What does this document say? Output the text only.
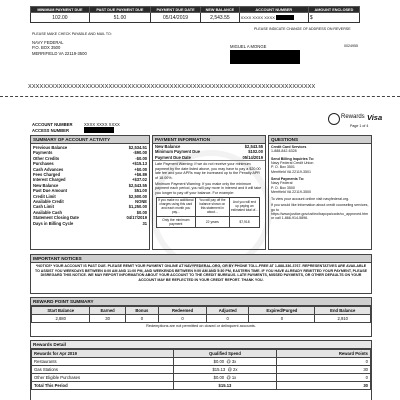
MINIMUM PAYMENT DUE	PAST DUE PAYMENT DUE	PAYMENT DUE DATE	NEW BALANCE	ACCOUNT NUMBER	AMOUNT ENCLOSED
102.00	51.00	05/14/2019	2,543.55	XXXX XXXX XXXX	$
PLEASE INDICATE CHANGE OF ADDRESS ON REVERSE
PLEASE MAKE CHECK PAYABLE AND MAIL TO:
NAVY FEDERAL
P.O. BOX 3500
MERRIFIELD VA 22119-3500
MIGUEL A MONGE	0024955
XXXXXXXXXXXXXXXXXXXXXXXXXXXXXXXXXXXXXXXXXXXXXXXXXXXXXXXXXXXXXXXXXXXXXXXXXXX
ACCOUNT NUMBER	XXXX XXXX XXXX
ACCESS NUMBER
Rewards Visa
Page 1 of 4
SUMMARY OF ACCOUNT ACTIVITY
Previous Balance	$2,534.51
Payments	-$90.00
Other Credits	-$0.00
Purchases	+$15.13
Cash Advances	+$0.00
Fees Charged	+$6.89
Interest Charged	+$37.02
New Balance	$2,543.55
Past Due Amount	$51.00
Credit Limit	$2,500.00
Available Credit	NONE
Cash Limit	$1,250.00
Available Cash	$0.00
Statement Closing Date	04/17/2019
Days in Billing Cycle	31
PAYMENT INFORMATION
New Balance	$2,543.55
Minimum Payment Due	$102.00
Payment Due Date	05/14/2019
Late Payment Warning: If we do not receive your minimum payment by the date listed above, you may have to pay a $20.00 late fee and your APRs may be increased up to the Penalty APR of 18.00%.
Minimum Payment Warning: If you make only the minimum payment each period, you will pay more in interest and it will take you longer to pay off your balance. For example:
If you make no additional charges using this card and each month you pay...	You will pay off the balance shown on this statement in about...	And you will end up paying an estimated total of...
Only the minimum payment	22 years	$7,918
QUESTIONS
Credit Card Services
1-888-842-6328
Send Billing Inquiries To:
Navy Federal Credit Union
P. O. Box 3501
Merrifield VA 22119-3501
Send Payments To:
Navy Federal
P. O. Box 3500
Merrifield VA 22119-3500
To view your account online visit navyfederal.org.
If you would like information about credit counseling services, go to https://www.justice.gov/ust/eo/bapcpa/ccde/cc_approved.htm or call 1-866-914-5896.
IMPORTANT NOTICES
*NOTICE* YOUR ACCOUNT IS PAST DUE. PLEASE REMIT YOUR PAYMENT ONLINE AT NAVYFEDERAL.ORG, OR BY PHONE TOLL-FREE AT 1-888-336-3767. REPRESENTATIVES ARE AVAILABLE TO ASSIST YOU WEEKDAYS BETWEEN 8:00 AM AND 11:00 PM, AND WEEKENDS BETWEEN 9:00 AM AND 5:30 PM, EASTERN TIME. IF YOU HAVE ALREADY REMITTED YOUR PAYMENT, PLEASE DISREGARD THIS NOTICE. WE MAY REPORT INFORMATION ABOUT YOUR ACCOUNT TO THE CREDIT BUREAUS. LATE PAYMENTS, MISSED PAYMENTS, OR OTHER DEFAULTS ON YOUR ACCOUNT MAY BE REFLECTED IN YOUR CREDIT REPORT. THANK YOU.
REWARD POINT SUMMARY
Start Balance	Earned	Bonus	Redeemed	Adjusted	Expired/Purged	End Balance
2,880	30	0	0	0	0	2,910
Redemptions are not permitted on closed or delinquent accounts.
Rewards Detail
Rewards for Apr 2019	Qualified Spend	Reward Points
Restaurants	$0.00 @ 3x	0
Gas Stations	$15.13 @ 2x	30
Other Eligible Purchases	$0.00 @ 1x	0
Total This Period	$15.13	30
